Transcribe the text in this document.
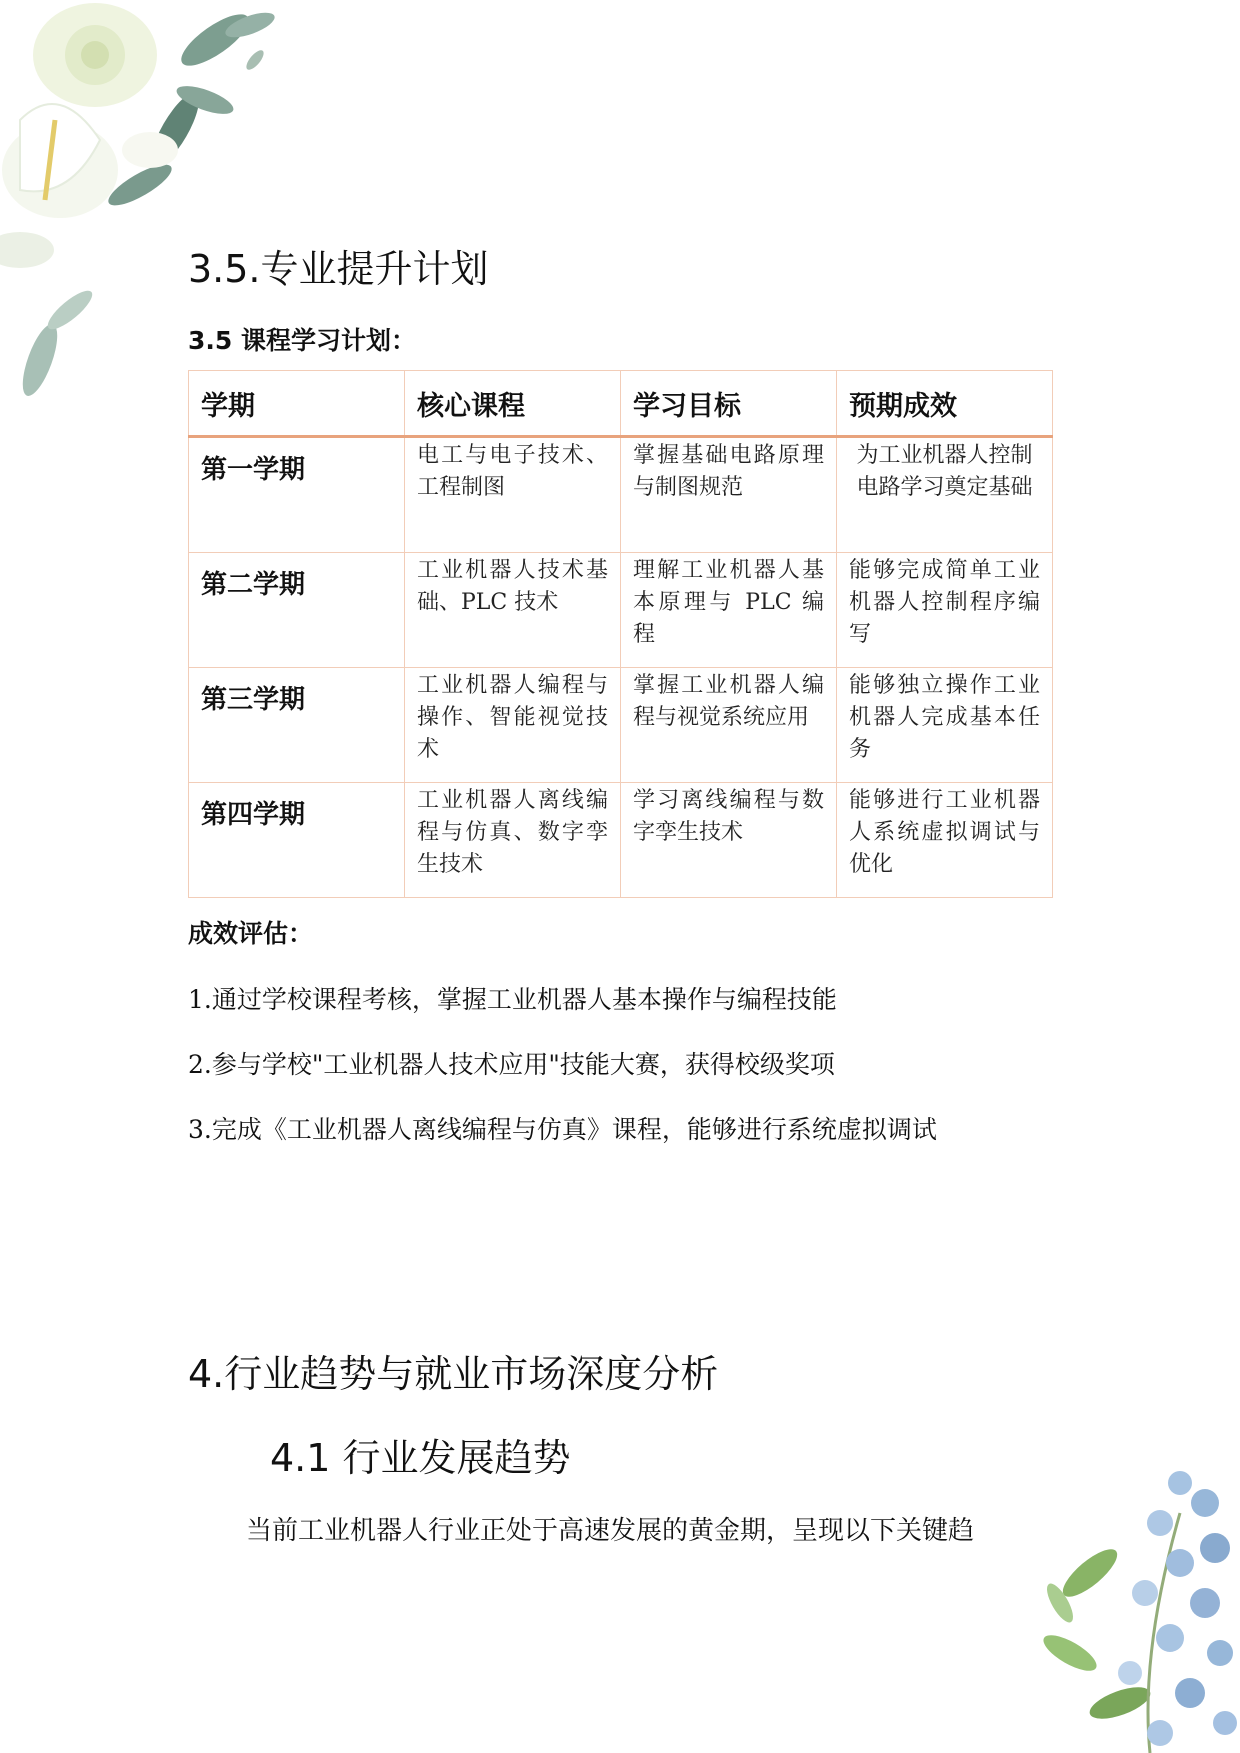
3.5.专业提升计划

3.5 课程学习计划：

学期	核心课程	学习目标	预期成效
第一学期	电工与电子技术、工程制图	掌握基础电路原理与制图规范	为工业机器人控制电路学习奠定基础
第二学期	工业机器人技术基础、PLC 技术	理解工业机器人基本原理与 PLC 编程	能够完成简单工业机器人控制程序编写
第三学期	工业机器人编程与操作、智能视觉技术	掌握工业机器人编程与视觉系统应用	能够独立操作工业机器人完成基本任务
第四学期	工业机器人离线编程与仿真、数字孪生技术	学习离线编程与数字孪生技术	能够进行工业机器人系统虚拟调试与优化

成效评估：

1.通过学校课程考核，掌握工业机器人基本操作与编程技能

2.参与学校"工业机器人技术应用"技能大赛，获得校级奖项

3.完成《工业机器人离线编程与仿真》课程，能够进行系统虚拟调试

4.行业趋势与就业市场深度分析
4.1 行业发展趋势

当前工业机器人行业正处于高速发展的黄金期，呈现以下关键趋
